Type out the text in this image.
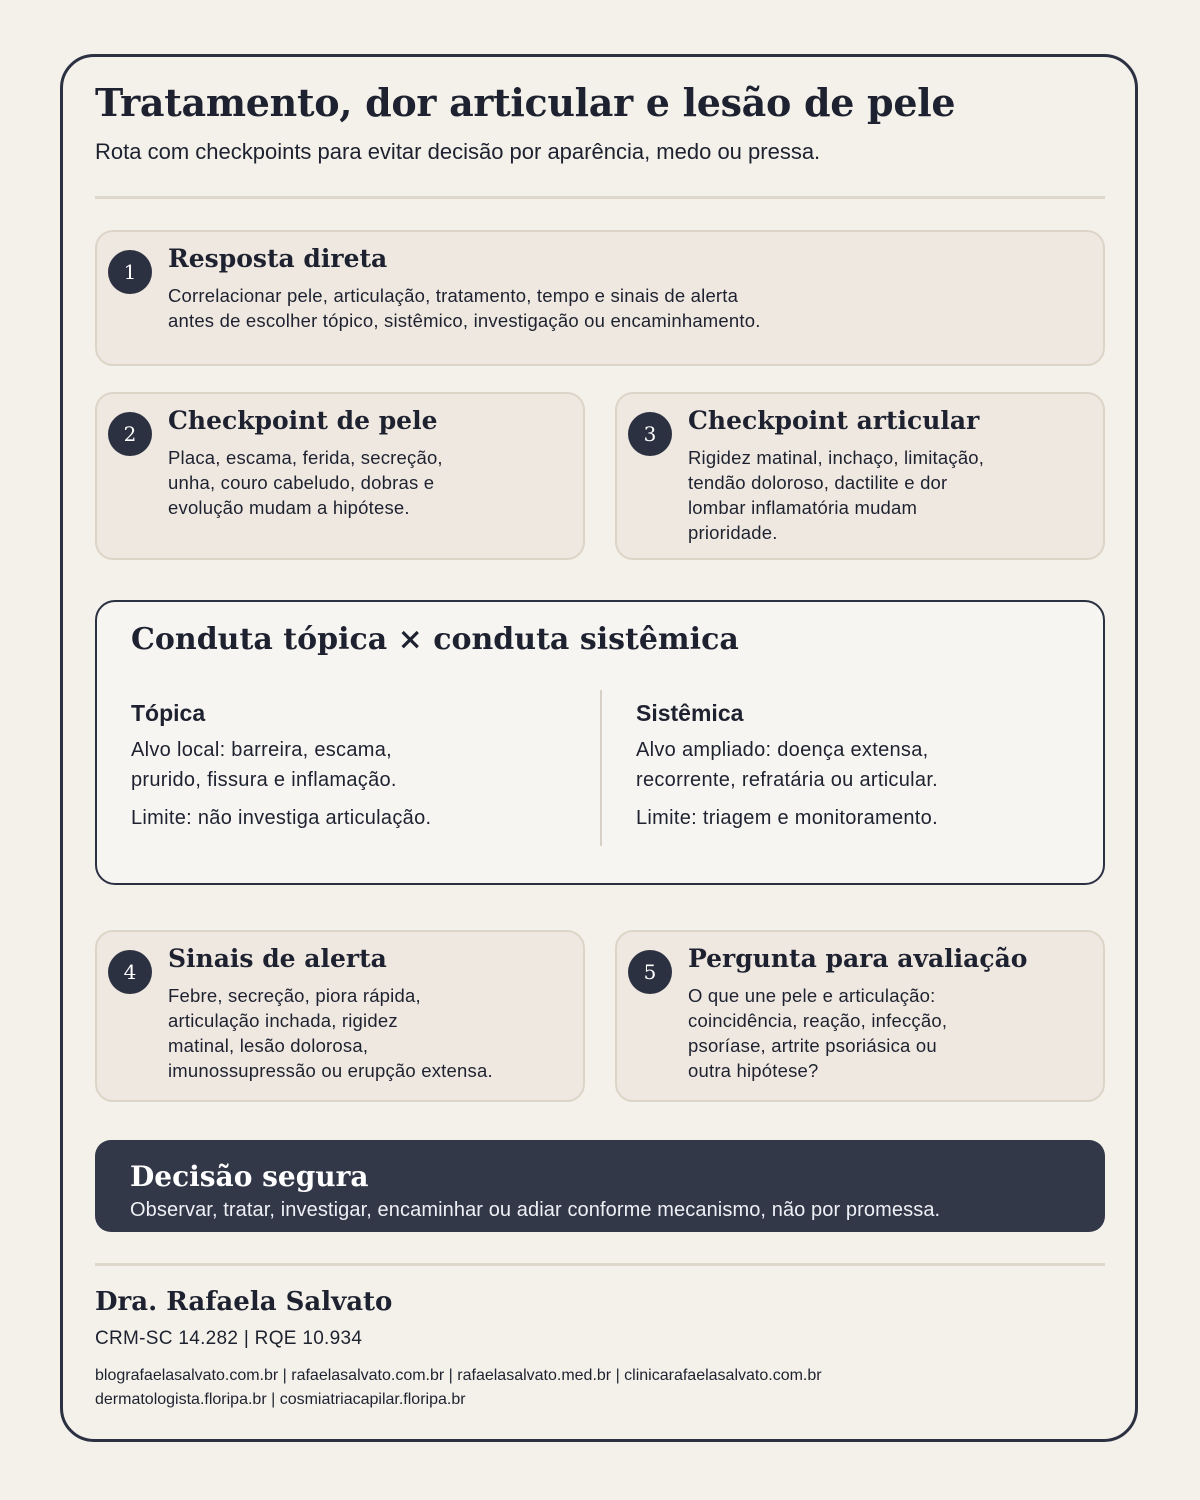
Tratamento, dor articular e lesão de pele
Rota com checkpoints para evitar decisão por aparência, medo ou pressa.
1	Resposta direta
Correlacionar pele, articulação, tratamento, tempo e sinais de alerta
antes de escolher tópico, sistêmico, investigação ou encaminhamento.
2	Checkpoint de pele
Placa, escama, ferida, secreção,
unha, couro cabeludo, dobras e
evolução mudam a hipótese.
3	Checkpoint articular
Rigidez matinal, inchaço, limitação,
tendão doloroso, dactilite e dor
lombar inflamatória mudam
prioridade.
Conduta tópica × conduta sistêmica
Tópica
Alvo local: barreira, escama,
prurido, fissura e inflamação.
Limite: não investiga articulação.
Sistêmica
Alvo ampliado: doença extensa,
recorrente, refratária ou articular.
Limite: triagem e monitoramento.
4	Sinais de alerta
Febre, secreção, piora rápida,
articulação inchada, rigidez
matinal, lesão dolorosa,
imunossupressão ou erupção extensa.
5	Pergunta para avaliação
O que une pele e articulação:
coincidência, reação, infecção,
psoríase, artrite psoriásica ou
outra hipótese?
Decisão segura
Observar, tratar, investigar, encaminhar ou adiar conforme mecanismo, não por promessa.
Dra. Rafaela Salvato
CRM-SC 14.282 | RQE 10.934
blografaelasalvato.com.br | rafaelasalvato.com.br | rafaelasalvato.med.br | clinicarafaelasalvato.com.br
dermatologista.floripa.br | cosmiatriacapilar.floripa.br
